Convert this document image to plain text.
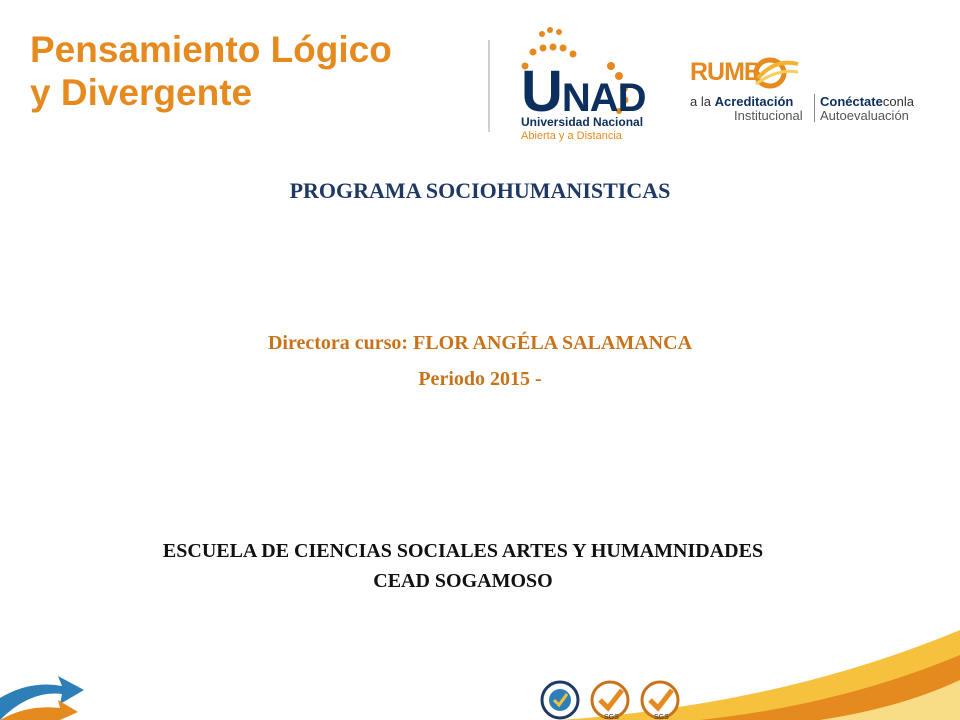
Pensamiento Lógico
y Divergente	UNAD
Universidad Nacional
Abierta y a Distancia
RUMB
a la Acreditación
Institucional
Conéctateconla
Autoevaluación
PROGRAMA SOCIOHUMANISTICAS
Directora curso: FLOR ANGÉLA SALAMANCA
Periodo 2015 -
ESCUELA DE CIENCIAS SOCIALES ARTES Y HUMAMNIDADES
CEAD SOGAMOSO
SGS	SGS
